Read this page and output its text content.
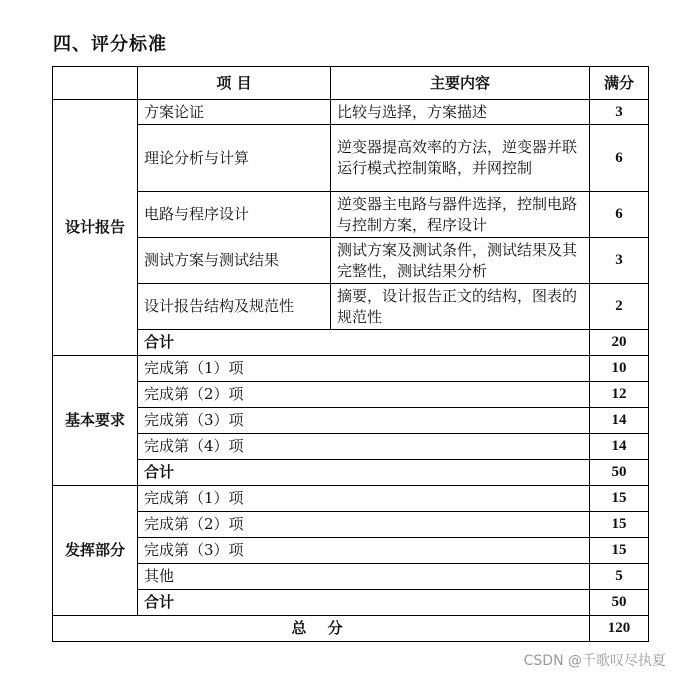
四、评分标准
	项 目	主要内容	满分
设计报告	方案论证	比较与选择，方案描述	3
	理论分析与计算	逆变器提高效率的方法，逆变器并联运行模式控制策略，并网控制	6
	电路与程序设计	逆变器主电路与器件选择，控制电路与控制方案，程序设计	6
	测试方案与测试结果	测试方案及测试条件，测试结果及其完整性，测试结果分析	3
	设计报告结构及规范性	摘要，设计报告正文的结构，图表的规范性	2
	合计		20
基本要求	完成第（1）项		10
	完成第（2）项		12
	完成第（3）项		14
	完成第（4）项		14
	合计		50
发挥部分	完成第（1）项		15
	完成第（2）项		15
	完成第（3）项		15
	其他		5
	合计		50
总 分			120
CSDN @千歌叹尽执夏
